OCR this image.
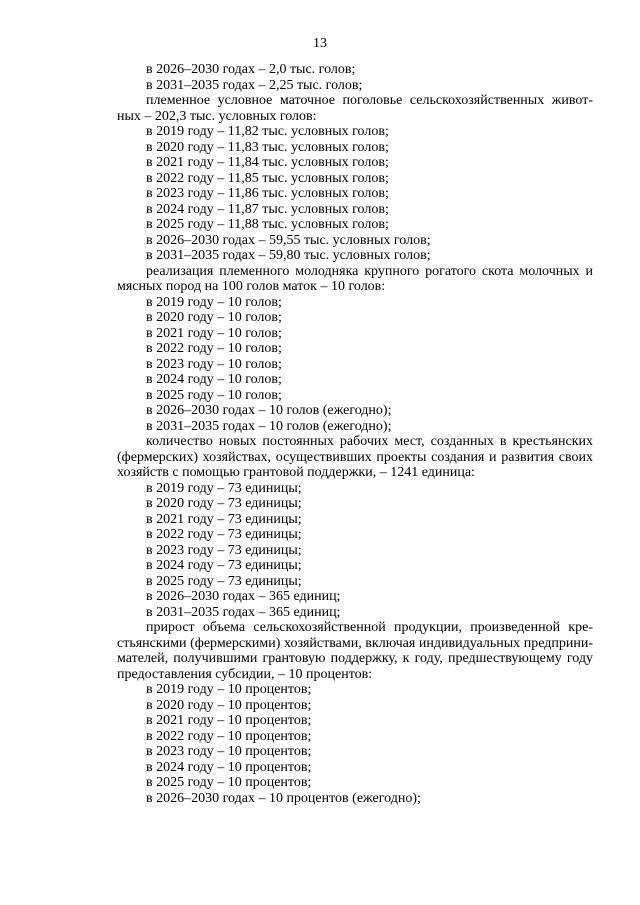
13
в 2026–2030 годах – 2,0 тыс. голов;
в 2031–2035 годах – 2,25 тыс. голов;
племенное условное маточное поголовье сельскохозяйственных живот-ных – 202,3 тыс. условных голов:
в 2019 году – 11,82 тыс. условных голов;
в 2020 году – 11,83 тыс. условных голов;
в 2021 году – 11,84 тыс. условных голов;
в 2022 году – 11,85 тыс. условных голов;
в 2023 году – 11,86 тыс. условных голов;
в 2024 году – 11,87 тыс. условных голов;
в 2025 году – 11,88 тыс. условных голов;
в 2026–2030 годах – 59,55 тыс. условных голов;
в 2031–2035 годах – 59,80 тыс. условных голов;
реализация племенного молодняка крупного рогатого скота молочных и мясных пород на 100 голов маток – 10 голов:
в 2019 году – 10 голов;
в 2020 году – 10 голов;
в 2021 году – 10 голов;
в 2022 году – 10 голов;
в 2023 году – 10 голов;
в 2024 году – 10 голов;
в 2025 году – 10 голов;
в 2026–2030 годах – 10 голов (ежегодно);
в 2031–2035 годах – 10 голов (ежегодно);
количество новых постоянных рабочих мест, созданных в крестьянских (фермерских) хозяйствах, осуществивших проекты создания и развития своих хозяйств с помощью грантовой поддержки, – 1241 единица:
в 2019 году – 73 единицы;
в 2020 году – 73 единицы;
в 2021 году – 73 единицы;
в 2022 году – 73 единицы;
в 2023 году – 73 единицы;
в 2024 году – 73 единицы;
в 2025 году – 73 единицы;
в 2026–2030 годах – 365 единиц;
в 2031–2035 годах – 365 единиц;
прирост объема сельскохозяйственной продукции, произведенной кре-стьянскими (фермерскими) хозяйствами, включая индивидуальных предприни-мателей, получившими грантовую поддержку, к году, предшествующему году предоставления субсидии, – 10 процентов:
в 2019 году – 10 процентов;
в 2020 году – 10 процентов;
в 2021 году – 10 процентов;
в 2022 году – 10 процентов;
в 2023 году – 10 процентов;
в 2024 году – 10 процентов;
в 2025 году – 10 процентов;
в 2026–2030 годах – 10 процентов (ежегодно);
